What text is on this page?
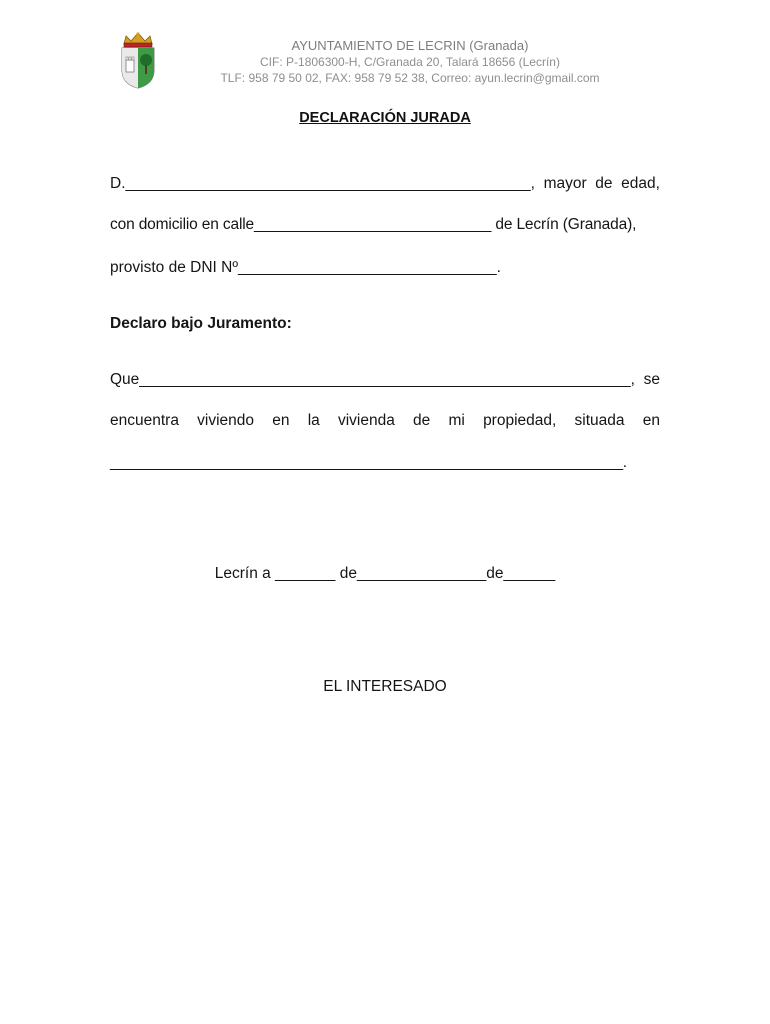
AYUNTAMIENTO DE LECRIN (Granada)
CIF: P-1806300-H, C/Granada 20, Talará 18656 (Lecrín)
TLF: 958 79 50 02, FAX: 958 79 52 38, Correo: ayun.lecrin@gmail.com
DECLARACIÓN JURADA
D._______________________________________________, mayor de edad,
con domicilio en calle____________________________ de Lecrín (Granada),
provisto de DNI Nº______________________________.
Declaro bajo Juramento:
Que_________________________________________________________, se
encuentra viviendo en la vivienda de mi propiedad, situada en
______________________________________________________________.
Lecrín a _______ de_______________de______
EL INTERESADO
